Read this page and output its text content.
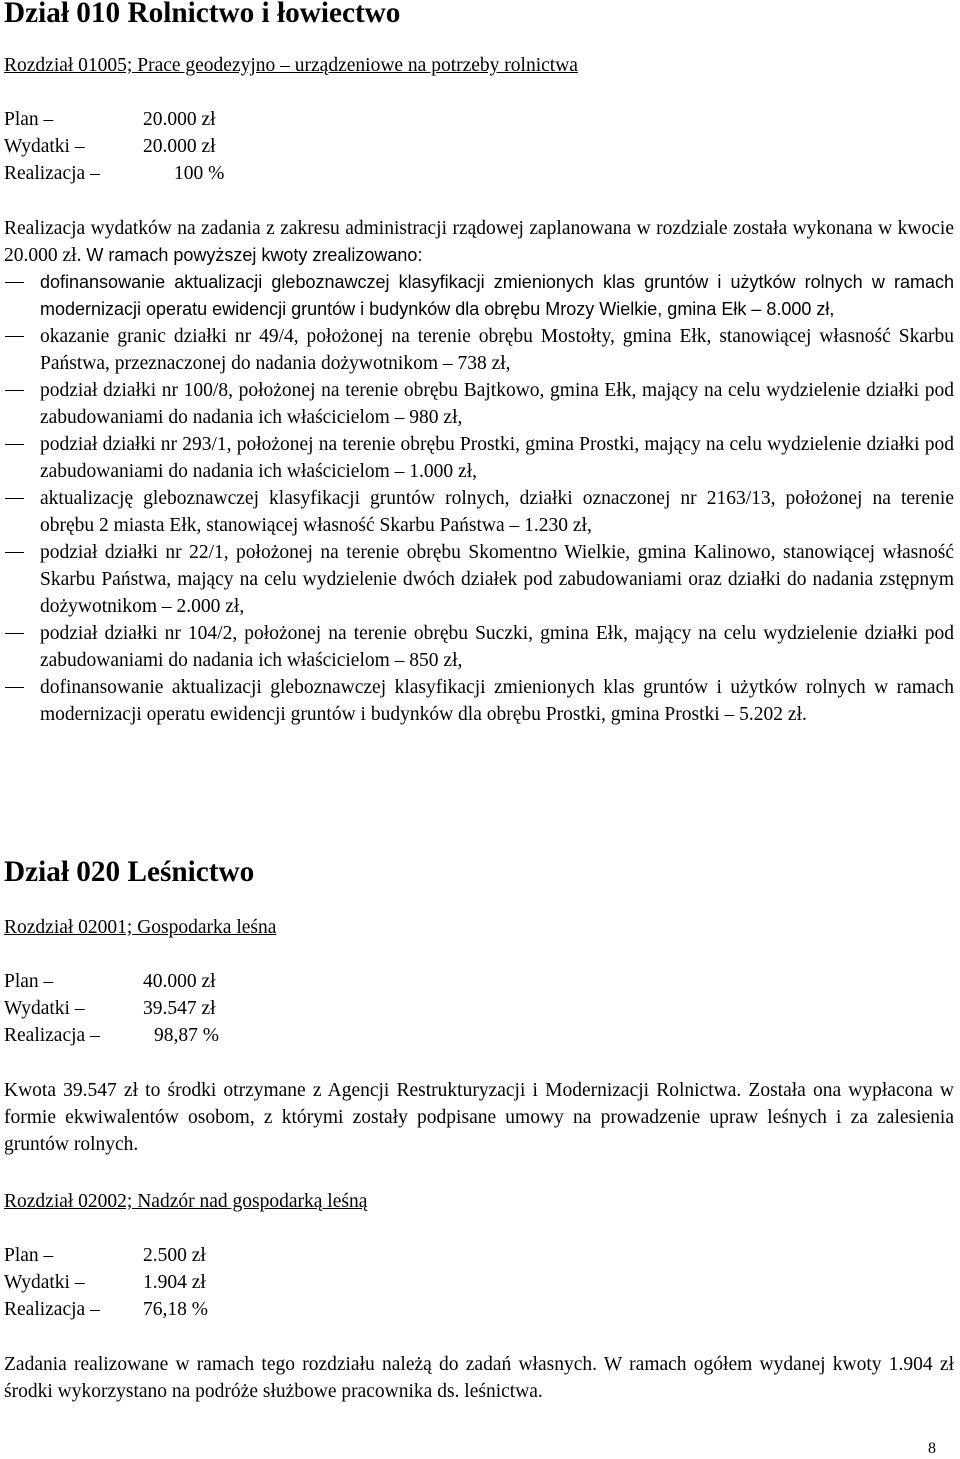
Dział 010 Rolnictwo i łowiectwo
Rozdział 01005; Prace geodezyjno – urządzeniowe na potrzeby rolnictwa
Plan –	20.000 zł
Wydatki –	20.000 zł
Realizacja –	100 %

Realizacja wydatków na zadania z zakresu administracji rządowej zaplanowana w rozdziale została wykonana w kwocie 20.000 zł. W ramach powyższej kwoty zrealizowano:

dofinansowanie aktualizacji gleboznawczej klasyfikacji zmienionych klas gruntów i użytków rolnych w ramach modernizacji operatu ewidencji gruntów i budynków dla obrębu Mrozy Wielkie, gmina Ełk – 8.000 zł,
okazanie granic działki nr 49/4, położonej na terenie obrębu Mostołty, gmina Ełk, stanowiącej własność Skarbu Państwa, przeznaczonej do nadania dożywotnikom – 738 zł,
podział działki nr 100/8, położonej na terenie obrębu Bajtkowo, gmina Ełk, mający na celu wydzielenie działki pod zabudowaniami do nadania ich właścicielom – 980 zł,
podział działki nr 293/1, położonej na terenie obrębu Prostki, gmina Prostki, mający na celu wydzielenie działki pod zabudowaniami do nadania ich właścicielom – 1.000 zł,
aktualizację gleboznawczej klasyfikacji gruntów rolnych, działki oznaczonej nr 2163/13, położonej na terenie obrębu 2 miasta Ełk, stanowiącej własność Skarbu Państwa – 1.230 zł,
podział działki nr 22/1, położonej na terenie obrębu Skomentno Wielkie, gmina Kalinowo, stanowiącej własność Skarbu Państwa, mający na celu wydzielenie dwóch działek pod zabudowaniami oraz działki do nadania zstępnym dożywotnikom – 2.000 zł,
podział działki nr 104/2, położonej na terenie obrębu Suczki, gmina Ełk, mający na celu wydzielenie działki pod zabudowaniami do nadania ich właścicielom – 850 zł,
dofinansowanie aktualizacji gleboznawczej klasyfikacji zmienionych klas gruntów i użytków rolnych w ramach modernizacji operatu ewidencji gruntów i budynków dla obrębu Prostki, gmina Prostki – 5.202 zł.
Dział 020 Leśnictwo
Rozdział 02001; Gospodarka leśna
Plan –	40.000 zł
Wydatki –	39.547 zł
Realizacja –	98,87 %

Kwota 39.547 zł to środki otrzymane z Agencji Restrukturyzacji i Modernizacji Rolnictwa. Została ona wypłacona w formie ekwiwalentów osobom, z którymi zostały podpisane umowy na prowadzenie upraw leśnych i za zalesienia gruntów rolnych.

Rozdział 02002; Nadzór nad gospodarką leśną
Plan –	2.500 zł
Wydatki –	1.904 zł
Realizacja –	76,18 %

Zadania realizowane w ramach tego rozdziału należą do zadań własnych. W ramach ogółem wydanej kwoty 1.904 zł środki wykorzystano na podróże służbowe pracownika ds. leśnictwa.

8
